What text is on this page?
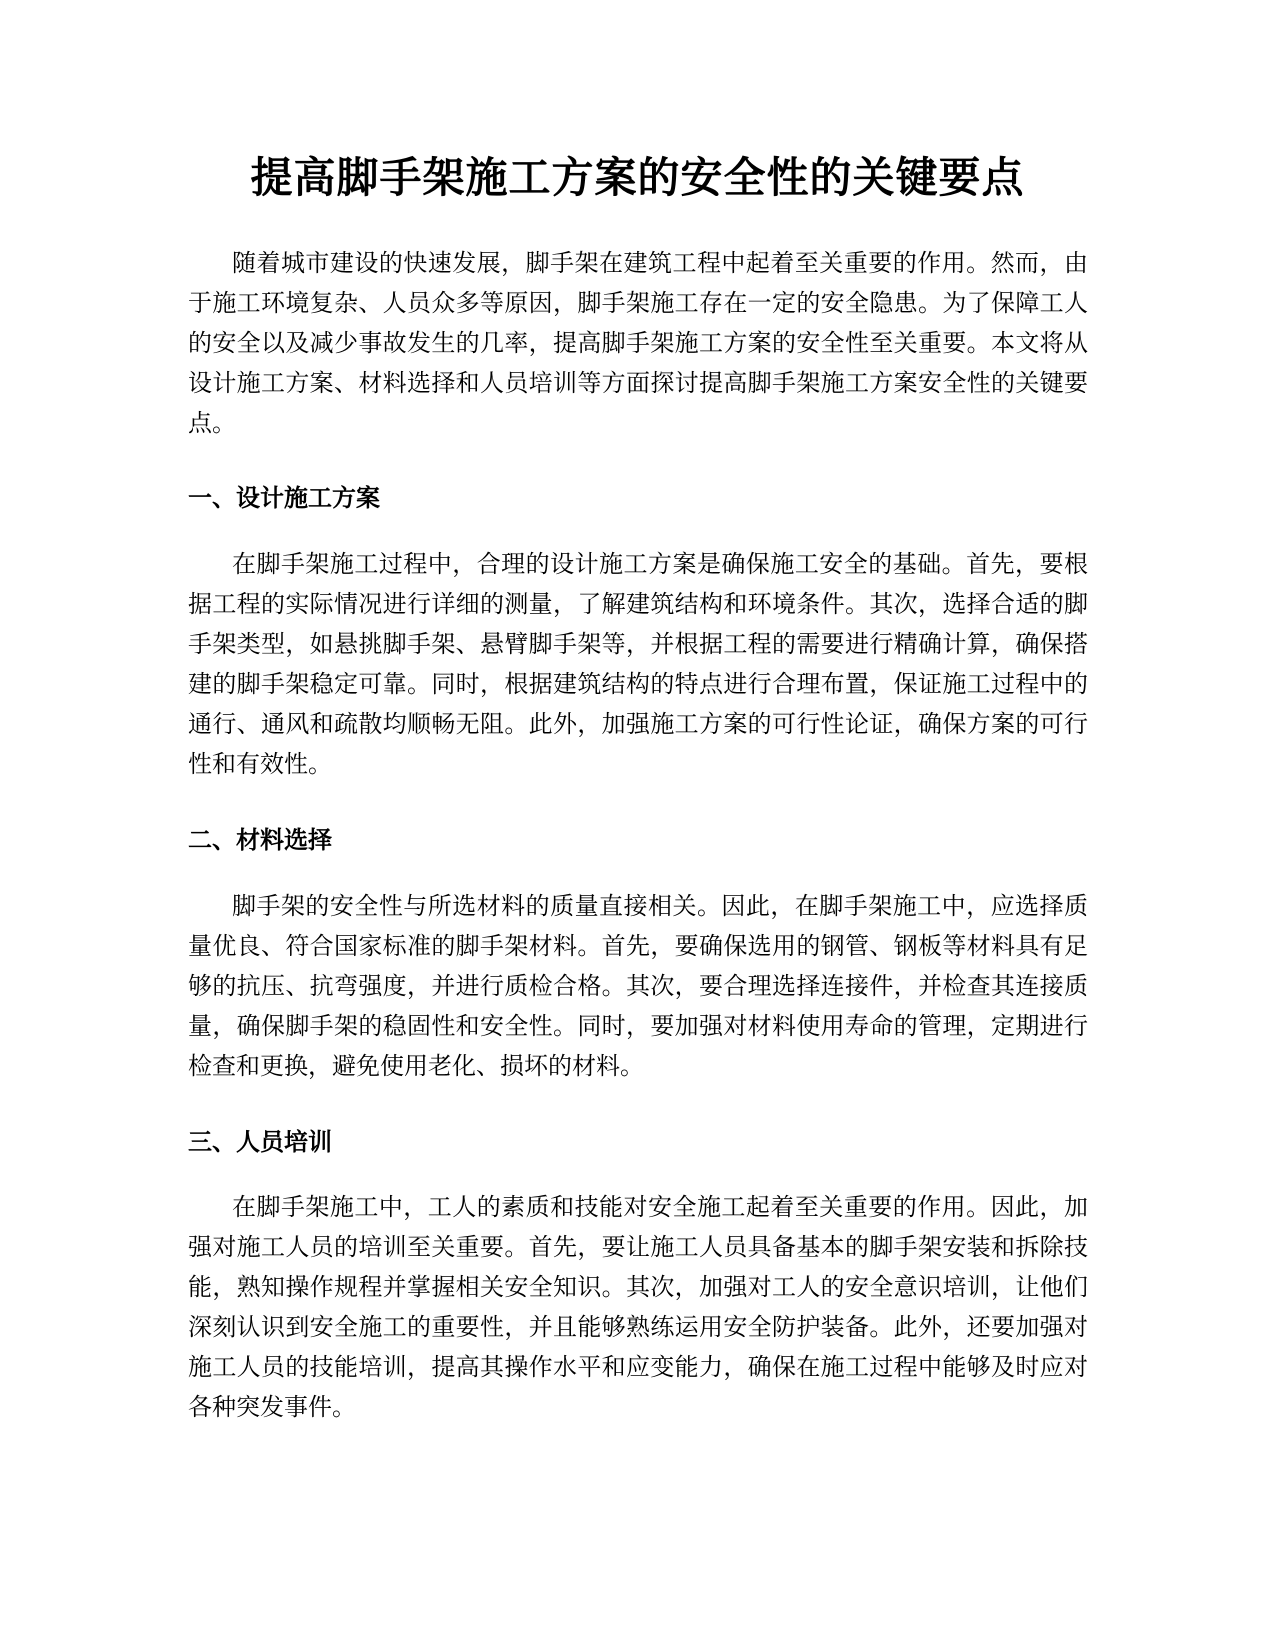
提高脚手架施工方案的安全性的关键要点

随着城市建设的快速发展，脚手架在建筑工程中起着至关重要的作用。然而，由于施工环境复杂、人员众多等原因，脚手架施工存在一定的安全隐患。为了保障工人的安全以及减少事故发生的几率，提高脚手架施工方案的安全性至关重要。本文将从设计施工方案、材料选择和人员培训等方面探讨提高脚手架施工方案安全性的关键要点。

一、设计施工方案

在脚手架施工过程中，合理的设计施工方案是确保施工安全的基础。首先，要根据工程的实际情况进行详细的测量，了解建筑结构和环境条件。其次，选择合适的脚手架类型，如悬挑脚手架、悬臂脚手架等，并根据工程的需要进行精确计算，确保搭建的脚手架稳定可靠。同时，根据建筑结构的特点进行合理布置，保证施工过程中的通行、通风和疏散均顺畅无阻。此外，加强施工方案的可行性论证，确保方案的可行性和有效性。

二、材料选择

脚手架的安全性与所选材料的质量直接相关。因此，在脚手架施工中，应选择质量优良、符合国家标准的脚手架材料。首先，要确保选用的钢管、钢板等材料具有足够的抗压、抗弯强度，并进行质检合格。其次，要合理选择连接件，并检查其连接质量，确保脚手架的稳固性和安全性。同时，要加强对材料使用寿命的管理，定期进行检查和更换，避免使用老化、损坏的材料。

三、人员培训

在脚手架施工中，工人的素质和技能对安全施工起着至关重要的作用。因此，加强对施工人员的培训至关重要。首先，要让施工人员具备基本的脚手架安装和拆除技能，熟知操作规程并掌握相关安全知识。其次，加强对工人的安全意识培训，让他们深刻认识到安全施工的重要性，并且能够熟练运用安全防护装备。此外，还要加强对施工人员的技能培训，提高其操作水平和应变能力，确保在施工过程中能够及时应对各种突发事件。
